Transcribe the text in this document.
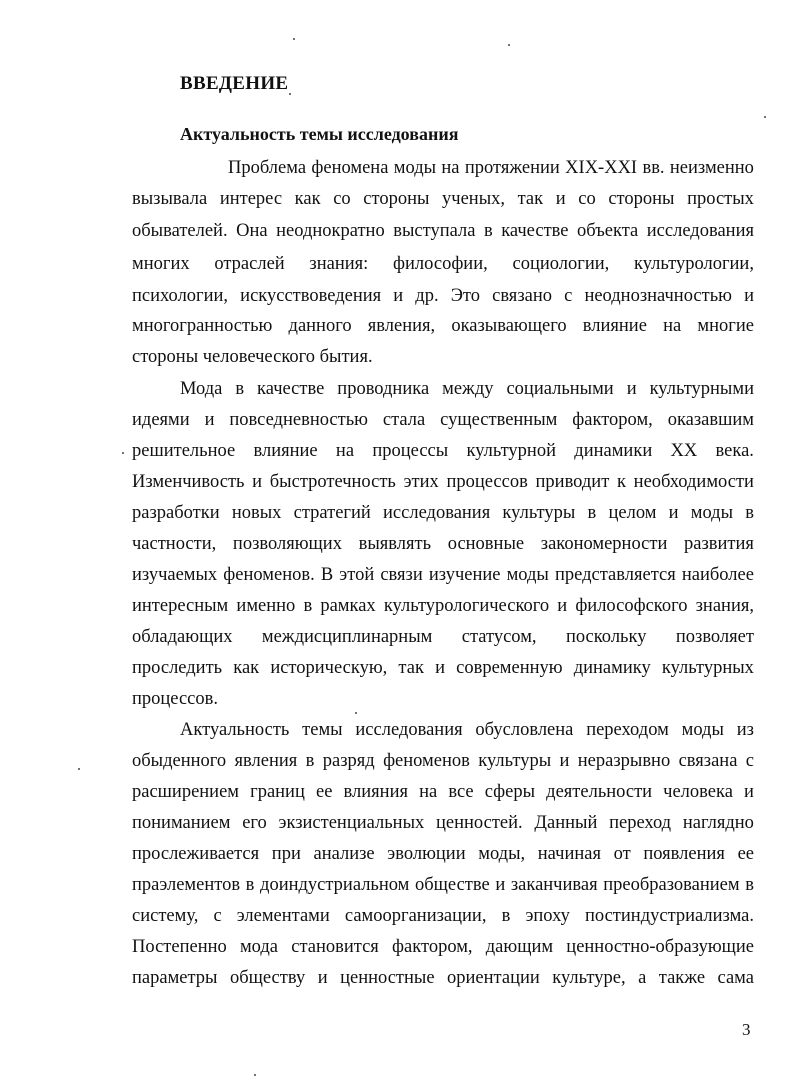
ВВЕДЕНИЕ
Актуальность темы исследования
Проблема феномена моды на протяжении XIX-XXI вв. неизменно
вызывала интерес как со стороны ученых, так и со стороны простых
обывателей. Она неоднократно выступала в качестве объекта исследования
многих отраслей знания: философии, социологии, культурологии,
психологии, искусствоведения и др. Это связано с неоднозначностью и
многогранностью данного явления, оказывающего влияние на многие
стороны человеческого бытия.
Мода в качестве проводника между социальными и культурными
идеями и повседневностью стала существенным фактором, оказавшим
решительное влияние на процессы культурной динамики XX века.
Изменчивость и быстротечность этих процессов приводит к необходимости
разработки новых стратегий исследования культуры в целом и моды в
частности, позволяющих выявлять основные закономерности развития
изучаемых феноменов. В этой связи изучение моды представляется наиболее
интересным именно в рамках культурологического и философского знания,
обладающих междисциплинарным статусом, поскольку позволяет
проследить как историческую, так и современную динамику культурных
процессов.
Актуальность темы исследования обусловлена переходом моды из
обыденного явления в разряд феноменов культуры и неразрывно связана с
расширением границ ее влияния на все сферы деятельности человека и
пониманием его экзистенциальных ценностей. Данный переход наглядно
прослеживается при анализе эволюции моды, начиная от появления ее
праэлементов в доиндустриальном обществе и заканчивая преобразованием в
систему, с элементами самоорганизации, в эпоху постиндустриализма.
Постепенно мода становится фактором, дающим ценностно-образующие
параметры обществу и ценностные ориентации культуре, а также сама
3
